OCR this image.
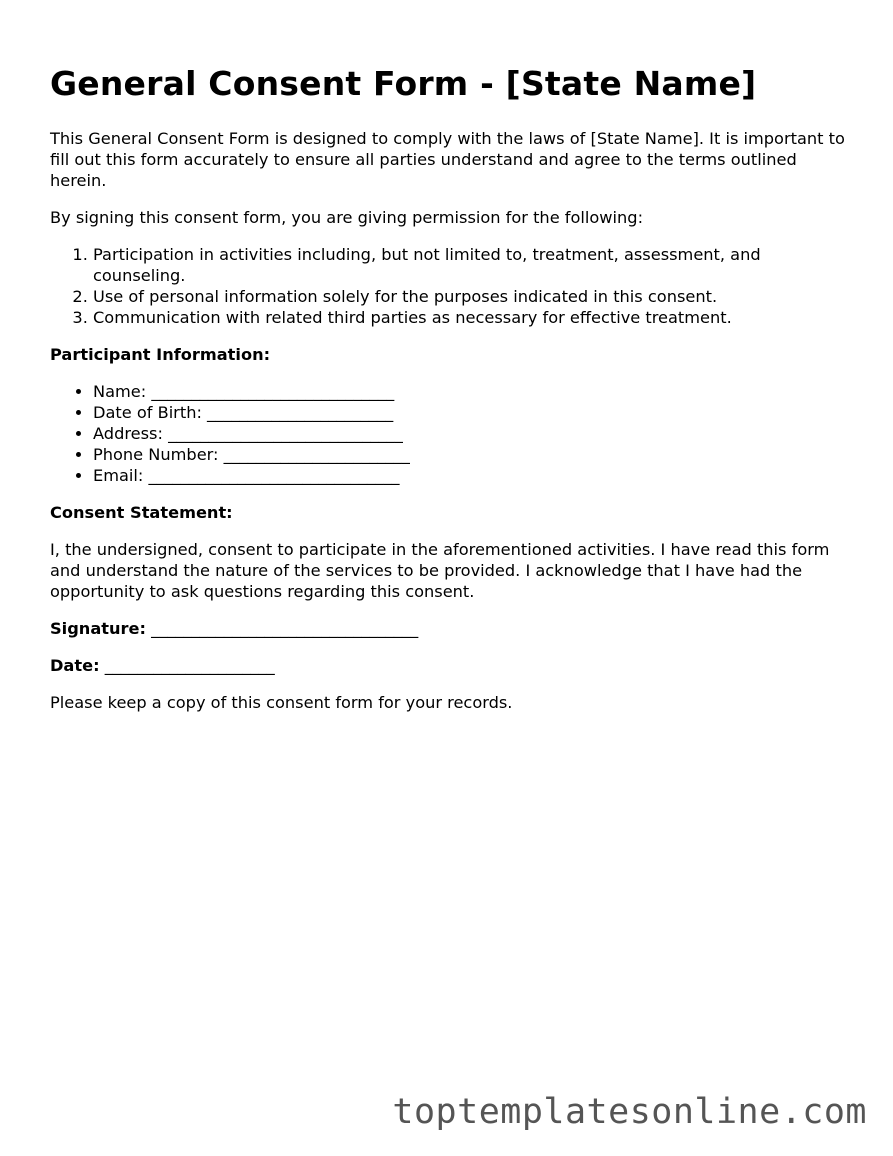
General Consent Form - [State Name]

This General Consent Form is designed to comply with the laws of [State Name]. It is important to fill out this form accurately to ensure all parties understand and agree to the terms outlined herein.

By signing this consent form, you are giving permission for the following:

1. Participation in activities including, but not limited to, treatment, assessment, and counseling.
2. Use of personal information solely for the purposes indicated in this consent.
3. Communication with related third parties as necessary for effective treatment.

Participant Information:

• Name: ______________________________
• Date of Birth: _______________________
• Address: _____________________________
• Phone Number: _______________________
• Email: _______________________________

Consent Statement:

I, the undersigned, consent to participate in the aforementioned activities. I have read this form and understand the nature of the services to be provided. I acknowledge that I have had the opportunity to ask questions regarding this consent.

Signature: _________________________________

Date: _____________________

Please keep a copy of this consent form for your records.

toptemplatesonline.com
